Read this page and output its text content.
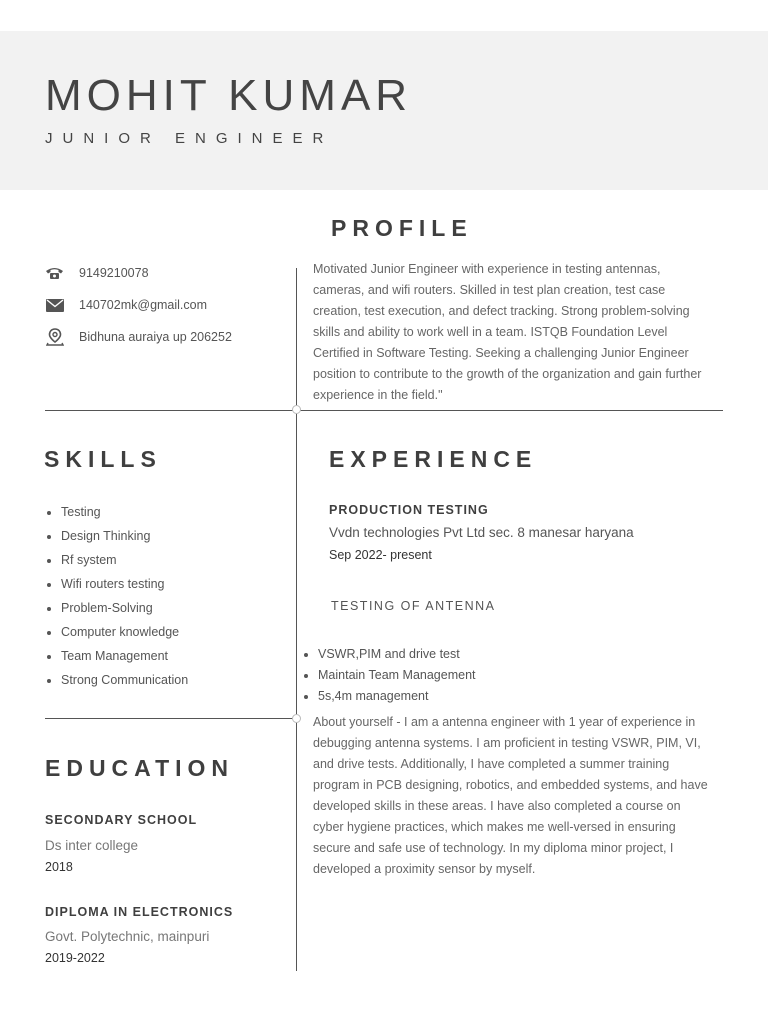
MOHIT KUMAR

JUNIOR ENGINEER

PROFILE
9149210078
140702mk@gmail.com
Bidhuna auraiya up 206252

Motivated Junior Engineer with experience in testing antennas, cameras, and wifi routers. Skilled in test plan creation, test case creation, test execution, and defect tracking. Strong problem-solving skills and ability to work well in a team. ISTQB Foundation Level Certified in Software Testing. Seeking a challenging Junior Engineer position to contribute to the growth of the organization and gain further experience in the field."

SKILLS
• Testing
• Design Thinking
• Rf system
• Wifi routers testing
• Problem-Solving
• Computer knowledge
• Team Management
• Strong Communication
EXPERIENCE

PRODUCTION TESTING

Vvdn technologies Pvt Ltd sec. 8 manesar haryana

Sep 2022- present

TESTING OF ANTENNA

• VSWR,PIM and drive test
• Maintain Team Management
• 5s,4m management

About yourself - I am a antenna engineer with 1 year of experience in debugging antenna systems. I am proficient in testing VSWR, PIM, VI, and drive tests. Additionally, I have completed a summer training program in PCB designing, robotics, and embedded systems, and have developed skills in these areas. I have also completed a course on cyber hygiene practices, which makes me well-versed in ensuring secure and safe use of technology. In my diploma minor project, I developed a proximity sensor by myself.

EDUCATION

SECONDARY SCHOOL

Ds inter college

2018

DIPLOMA IN ELECTRONICS

Govt. Polytechnic, mainpuri

2019-2022
